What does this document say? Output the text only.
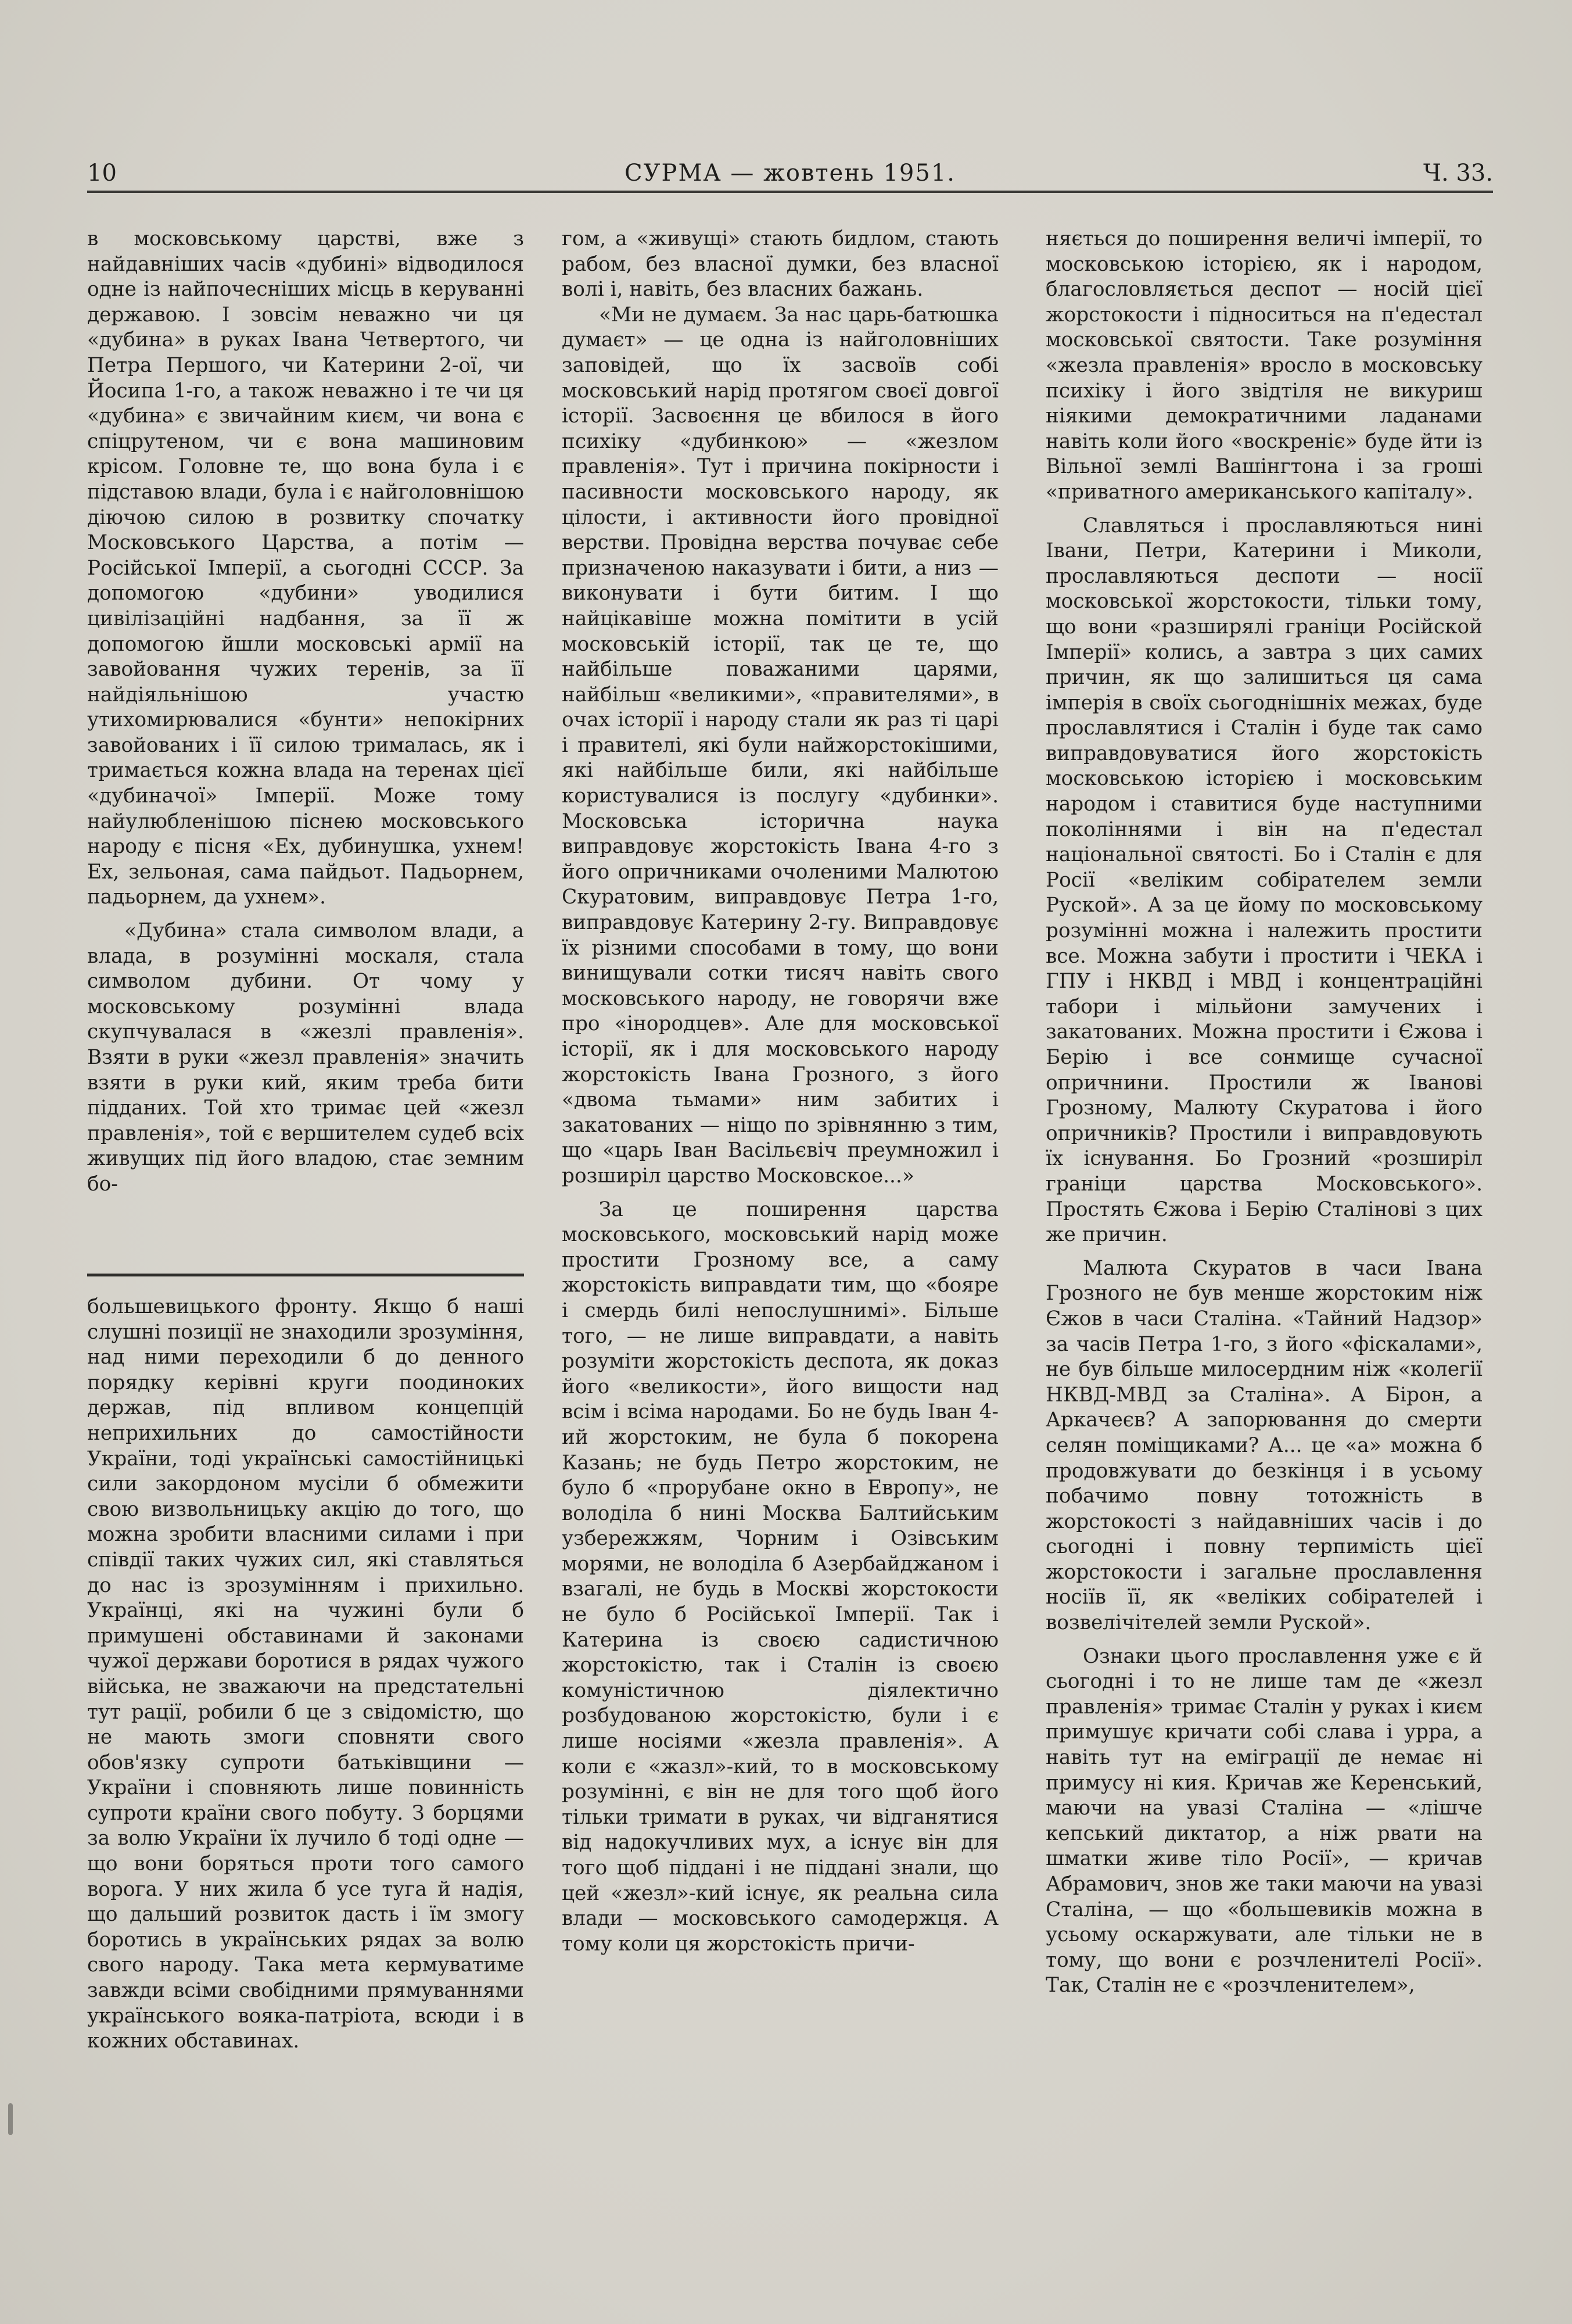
10	СУРМА — жовтень 1951.	Ч. 33.

в московському царстві, вже з найдавніших часів «дубині» відводилося одне із найпочесніших місць в керуванні державою. І зовсім неважно чи ця «дубина» в руках Івана Четвертого, чи Петра Першого, чи Катерини 2-ої, чи Йосипа 1-го, а також неважно і те чи ця «дубина» є звичайним києм, чи вона є спіцрутеном, чи є вона машиновим крісом. Головне те, що вона була і є підставою влади, була і є найголовнішою діючою силою в розвитку спочатку Московського Царства, а потім — Російської Імперії, а сьогодні СССР. За допомогою «дубини» уводилися цивілізаційні надбання, за її ж допомогою йшли московські армії на завойовання чужих теренів, за її найдіяльнішою участю утихомирювалися «бунти» непокірних завойованих і її силою трималась, як і тримається кожна влада на теренах цієї «дубиначої» Імперії. Може тому найулюбленішою піснею московського народу є пісня «Ех, дубинушка, ухнем! Ех, зельоная, сама пайдьот. Падьорнем, падьорнем, да ухнем».

«Дубина» стала символом влади, а влада, в розумінні москаля, стала символом дубини. От чому у московському розумінні влада скупчувалася в «жезлі правленія». Взяти в руки «жезл правленія» значить взяти в руки кий, яким треба бити підданих. Той хто тримає цей «жезл правленія», той є вершителем судеб всіх живущих під його владою, стає земним бо-

большевицького фронту. Якщо б наші слушні позиції не знаходили зрозуміння, над ними переходили б до денного порядку керівні круги поодиноких держав, під впливом концепцій неприхильних до самостійности України, тоді українські самостійницькі сили закордоном мусіли б обмежити свою визвольницьку акцію до того, що можна зробити власними силами і при співдії таких чужих сил, які ставляться до нас із зрозумінням і прихильно. Українці, які на чужині були б примушені обставинами й законами чужої держави боротися в рядах чужого війська, не зважаючи на предстательні тут рації, робили б це з свідомістю, що не мають змоги сповняти свого обов'язку супроти батьківщини — України і сповняють лише повинність супроти країни свого побуту. З борцями за волю України їх лучило б тоді одне — що вони боряться проти того самого ворога. У них жила б усе туга й надія, що дальший розвиток дасть і їм змогу боротись в українських рядах за волю свого народу. Така мета кермуватиме завжди всіми свобідними прямуваннями українського вояка-патріота, всюди і в кожних обставинах.

гом, а «живущі» стають бидлом, стають рабом, без власної думки, без власної волі і, навіть, без власних бажань.

«Ми не думаєм. За нас царь-батюшка думаєт» — це одна із найголовніших заповідей, що їх засвоїв собі московський нарід протягом своєї довгої історії. Засвоєння це вбилося в його психіку «дубинкою» — «жезлом правленія». Тут і причина покірности і пасивности московського народу, як цілости, і активности його провідної верстви. Провідна верства почуває себе призначеною наказувати і бити, а низ — виконувати і бути битим. І що найцікавіше можна помітити в усій московській історії, так це те, що найбільше поважаними царями, найбільш «великими», «правителями», в очах історії і народу стали як раз ті царі і правителі, які були найжорстокішими, які найбільше били, які найбільше користувалися із послугу «дубинки». Московська історична наука виправдовує жорстокість Івана 4-го з його опричниками очоленими Малютою Скуратовим, виправдовує Петра 1-го, виправдовує Катерину 2-гу. Виправдовує їх різними способами в тому, що вони винищували сотки тисяч навіть свого московського народу, не говорячи вже про «інородцев». Але для московської історії, як і для московського народу жорстокість Івана Грозного, з його «двома тьмами» ним забитих і закатованих — ніщо по зрівнянню з тим, що «царь Іван Васільєвіч преумножил і розширіл царство Московское...»

За це поширення царства московського, московський нарід може простити Грозному все, а саму жорстокість виправдати тим, що «бояре і смердь билі непослушнимі». Більше того, — не лише виправдати, а навіть розуміти жорстокість деспота, як доказ його «великости», його вищости над всім і всіма народами. Бо не будь Іван 4-ий жорстоким, не була б покорена Казань; не будь Петро жорстоким, не було б «прорубане окно в Европу», не володіла б нині Москва Балтийським узбережжям, Чорним і Озівським морями, не володіла б Азербайджаном і взагалі, не будь в Москві жорстокости не було б Російської Імперії. Так і Катерина із своєю садистичною жорстокістю, так і Сталін із своєю комуністичною діялектично розбудованою жорстокістю, були і є лише носіями «жезла правленія». А коли є «жазл»-кий, то в московському розумінні, є він не для того щоб його тільки тримати в руках, чи відганятися від надокучливих мух, а існує він для того щоб піддані і не піддані знали, що цей «жезл»-кий існує, як реальна сила влади — московського самодержця. А тому коли ця жорстокість причи-

няється до поширення величі імперії, то московською історією, як і народом, благословляється деспот — носій цієї жорстокости і підноситься на п'едестал московської святости. Таке розуміння «жезла правленія» вросло в московську психіку і його звідтіля не викуриш ніякими демократичними ладанами навіть коли його «воскреніє» буде йти із Вільної землі Вашінгтона і за гроші «приватного американського капіталу».

Славляться і прославляються нині Івани, Петри, Катерини і Миколи, прославляються деспоти — носії московської жорстокости, тільки тому, що вони «разширялі граніци Російской Імперії» колись, а завтра з цих самих причин, як що залишиться ця сама імперія в своїх сьогоднішніх межах, буде прославлятися і Сталін і буде так само виправдовуватися його жорстокість московською історією і московським народом і ставитися буде наступними поколіннями і він на п'едестал національної святості. Бо і Сталін є для Росії «веліким собірателем земли Руской». А за це йому по московському розумінні можна і належить простити все. Можна забути і простити і ЧЕКА і ГПУ і НКВД і МВД і концентраційні табори і мільйони замучених і закатованих. Можна простити і Єжова і Берію і все сонмище сучасної опричнини. Простили ж Іванові Грозному, Малюту Скуратова і його опричників? Простили і виправдовують їх існування. Бо Грозний «розширіл граніци царства Московського». Простять Єжова і Берію Сталінові з цих же причин.

Малюта Скуратов в часи Івана Грозного не був менше жорстоким ніж Єжов в часи Сталіна. «Тайний Надзор» за часів Петра 1-го, з його «фіскалами», не був більше милосердним ніж «колегії НКВД-МВД за Сталіна». А Бірон, а Аркачеєв? А запорювання до смерти селян поміщиками? А... це «а» можна б продовжувати до безкінця і в усьому побачимо повну тотожність в жорстокості з найдавніших часів і до сьогодні і повну терпимість цієї жорстокости і загальне прославлення носіїв її, як «веліких собірателей і возвелічітелей земли Руской».

Ознаки цього прославлення уже є й сьогодні і то не лише там де «жезл правленія» тримає Сталін у руках і києм примушує кричати собі слава і урра, а навіть тут на еміграції де немає ні примусу ні кия. Кричав же Керенський, маючи на увазі Сталіна — «лішче кепський диктатор, а ніж рвати на шматки живе тіло Росії», — кричав Абрамович, знов же таки маючи на увазі Сталіна, — що «большевиків можна в усьому оскаржувати, але тільки не в тому, що вони є розчленителі Росії». Так, Сталін не є «розчленителем»,
